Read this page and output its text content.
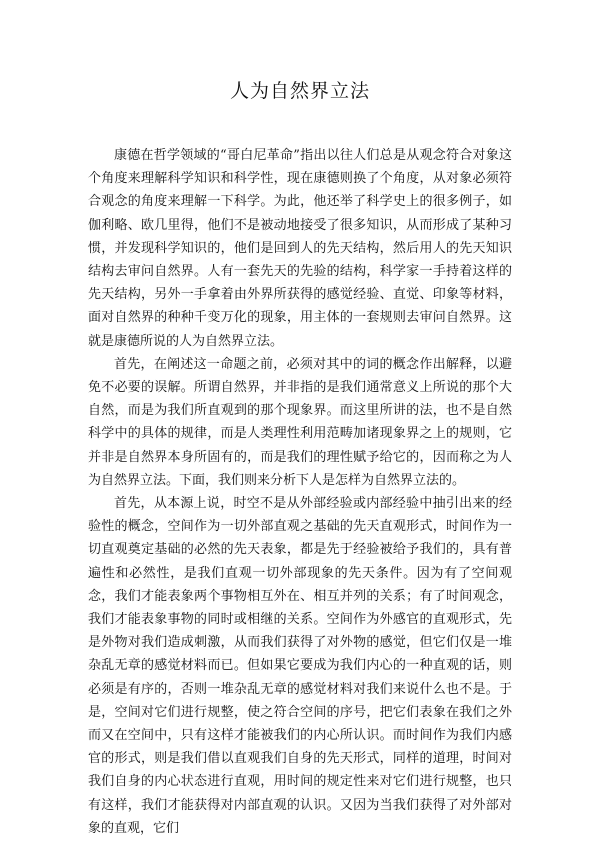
人为自然界立法

康德在哲学领域的“哥白尼革命”指出以往人们总是从观念符合对象这个角度来理解科学知识和科学性，现在康德则换了个角度，从对象必须符合观念的角度来理解一下科学。为此，他还举了科学史上的很多例子，如伽利略、欧几里得，他们不是被动地接受了很多知识，从而形成了某种习惯，并发现科学知识的，他们是回到人的先天结构，然后用人的先天知识结构去审问自然界。人有一套先天的先验的结构，科学家一手持着这样的先天结构，另外一手拿着由外界所获得的感觉经验、直觉、印象等材料，面对自然界的种种千变万化的现象，用主体的一套规则去审问自然界。这就是康德所说的人为自然界立法。

首先，在阐述这一命题之前，必须对其中的词的概念作出解释，以避免不必要的误解。所谓自然界，并非指的是我们通常意义上所说的那个大自然，而是为我们所直观到的那个现象界。而这里所讲的法，也不是自然科学中的具体的规律，而是人类理性利用范畴加诸现象界之上的规则，它并非是自然界本身所固有的，而是我们的理性赋予给它的，因而称之为人为自然界立法。下面，我们则来分析下人是怎样为自然界立法的。

首先，从本源上说，时空不是从外部经验或内部经验中抽引出来的经验性的概念，空间作为一切外部直观之基础的先天直观形式，时间作为一切直观奠定基础的必然的先天表象，都是先于经验被给予我们的，具有普遍性和必然性，是我们直观一切外部现象的先天条件。因为有了空间观念，我们才能表象两个事物相互外在、相互并列的关系；有了时间观念，我们才能表象事物的同时或相继的关系。空间作为外感官的直观形式，先是外物对我们造成刺激，从而我们获得了对外物的感觉，但它们仅是一堆杂乱无章的感觉材料而已。但如果它要成为我们内心的一种直观的话，则必须是有序的，否则一堆杂乱无章的感觉材料对我们来说什么也不是。于是，空间对它们进行规整，使之符合空间的序号，把它们表象在我们之外而又在空间中，只有这样才能被我们的内心所认识。而时间作为我们内感官的形式，则是我们借以直观我们自身的先天形式，同样的道理，时间对我们自身的内心状态进行直观，用时间的规定性来对它们进行规整，也只有这样，我们才能获得对内部直观的认识。又因为当我们获得了对外部对象的直观，它们
